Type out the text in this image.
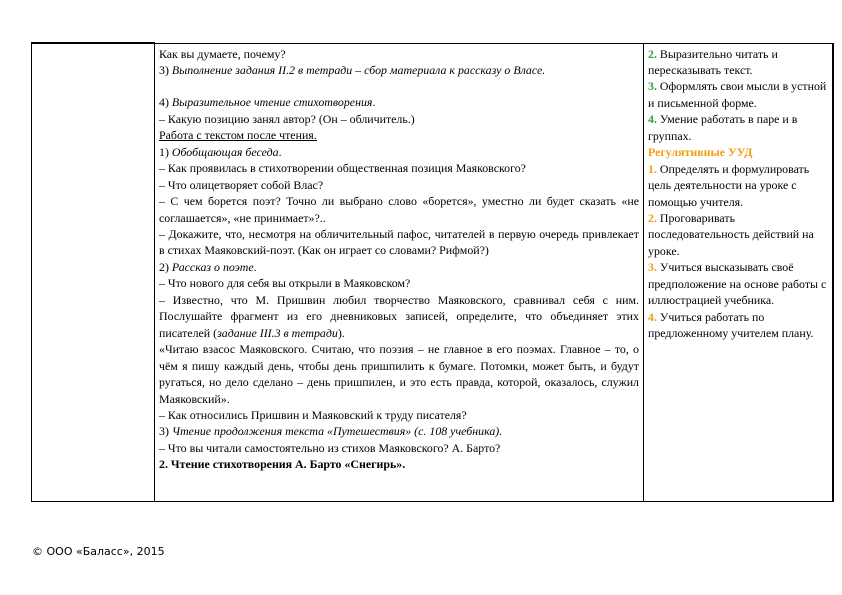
Как вы думаете, почему?
3) Выполнение задания II.2 в тетради – сбор материала к рассказу о Власе.
4) Выразительное чтение стихотворения.
– Какую позицию занял автор? (Он – обличитель.)
Работа с текстом после чтения.
1) Обобщающая беседа.
– Как проявилась в стихотворении общественная позиция Маяковского?
– Что олицетворяет собой Влас?
– С чем борется поэт? Точно ли выбрано слово «борется», уместно ли будет сказать «не соглашается», «не принимает»?..
– Докажите, что, несмотря на обличительный пафос, читателей в первую очередь привлекает в стихах Маяковский-поэт. (Как он играет со словами? Рифмой?)
2) Рассказ о поэте.
– Что нового для себя вы открыли в Маяковском?
– Известно, что М. Пришвин любил творчество Маяковского, сравнивал себя с ним. Послушайте фрагмент из его дневниковых записей, определите, что объединяет этих писателей (задание III.3 в тетради).
«Читаю взасос Маяковского. Считаю, что поэзия – не главное в его поэмах. Главное – то, о чём я пишу каждый день, чтобы день пришпилить к бумаге. Потомки, может быть, и будут ругаться, но дело сделано – день пришпилен, и это есть правда, которой, оказалось, служил Маяковский».
– Как относились Пришвин и Маяковский к труду писателя?
3) Чтение продолжения текста «Путешествия» (с. 108 учебника).
– Что вы читали самостоятельно из стихов Маяковского? А. Барто?
2. Чтение стихотворения А. Барто «Снегирь».

2. Выразительно читать и пересказывать текст.
3. Оформлять свои мысли в устной и письменной форме.
4. Умение работать в паре и в группах.
Регулятивные УУД
1. Определять и формулировать цель деятельности на уроке с помощью учителя.
2. Проговаривать последовательность действий на уроке.
3. Учиться высказывать своё предположение на основе работы с иллюстрацией учебника.
4. Учиться работать по предложенному учителем плану.
© ООО «Баласс», 2015
